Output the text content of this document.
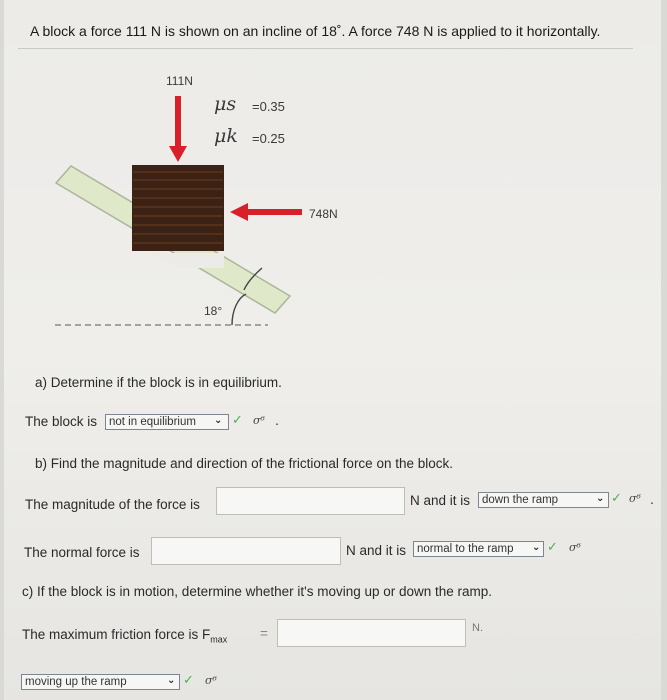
A block a force 111 N is shown on an incline of 18˚. A force 748 N is applied to it horizontally.
111N
μs =0.35
μk =0.25
748N
18°
a) Determine if the block is in equilibrium.
The block is	not in equilibrium	⌄ ✓ σ⁶ .
b) Find the magnitude and direction of the frictional force on the block.
The magnitude of the force is	N and it is	down the ramp	⌄ ✓ σ⁶ .
The normal force is	N and it is normal to the ramp	⌄ ✓ σ⁶
c) If the block is in motion, determine whether it's moving up or down the ramp.
The maximum friction force is $F_{max}$ =	N.
moving up the ramp	⌄ ✓ σ⁶
